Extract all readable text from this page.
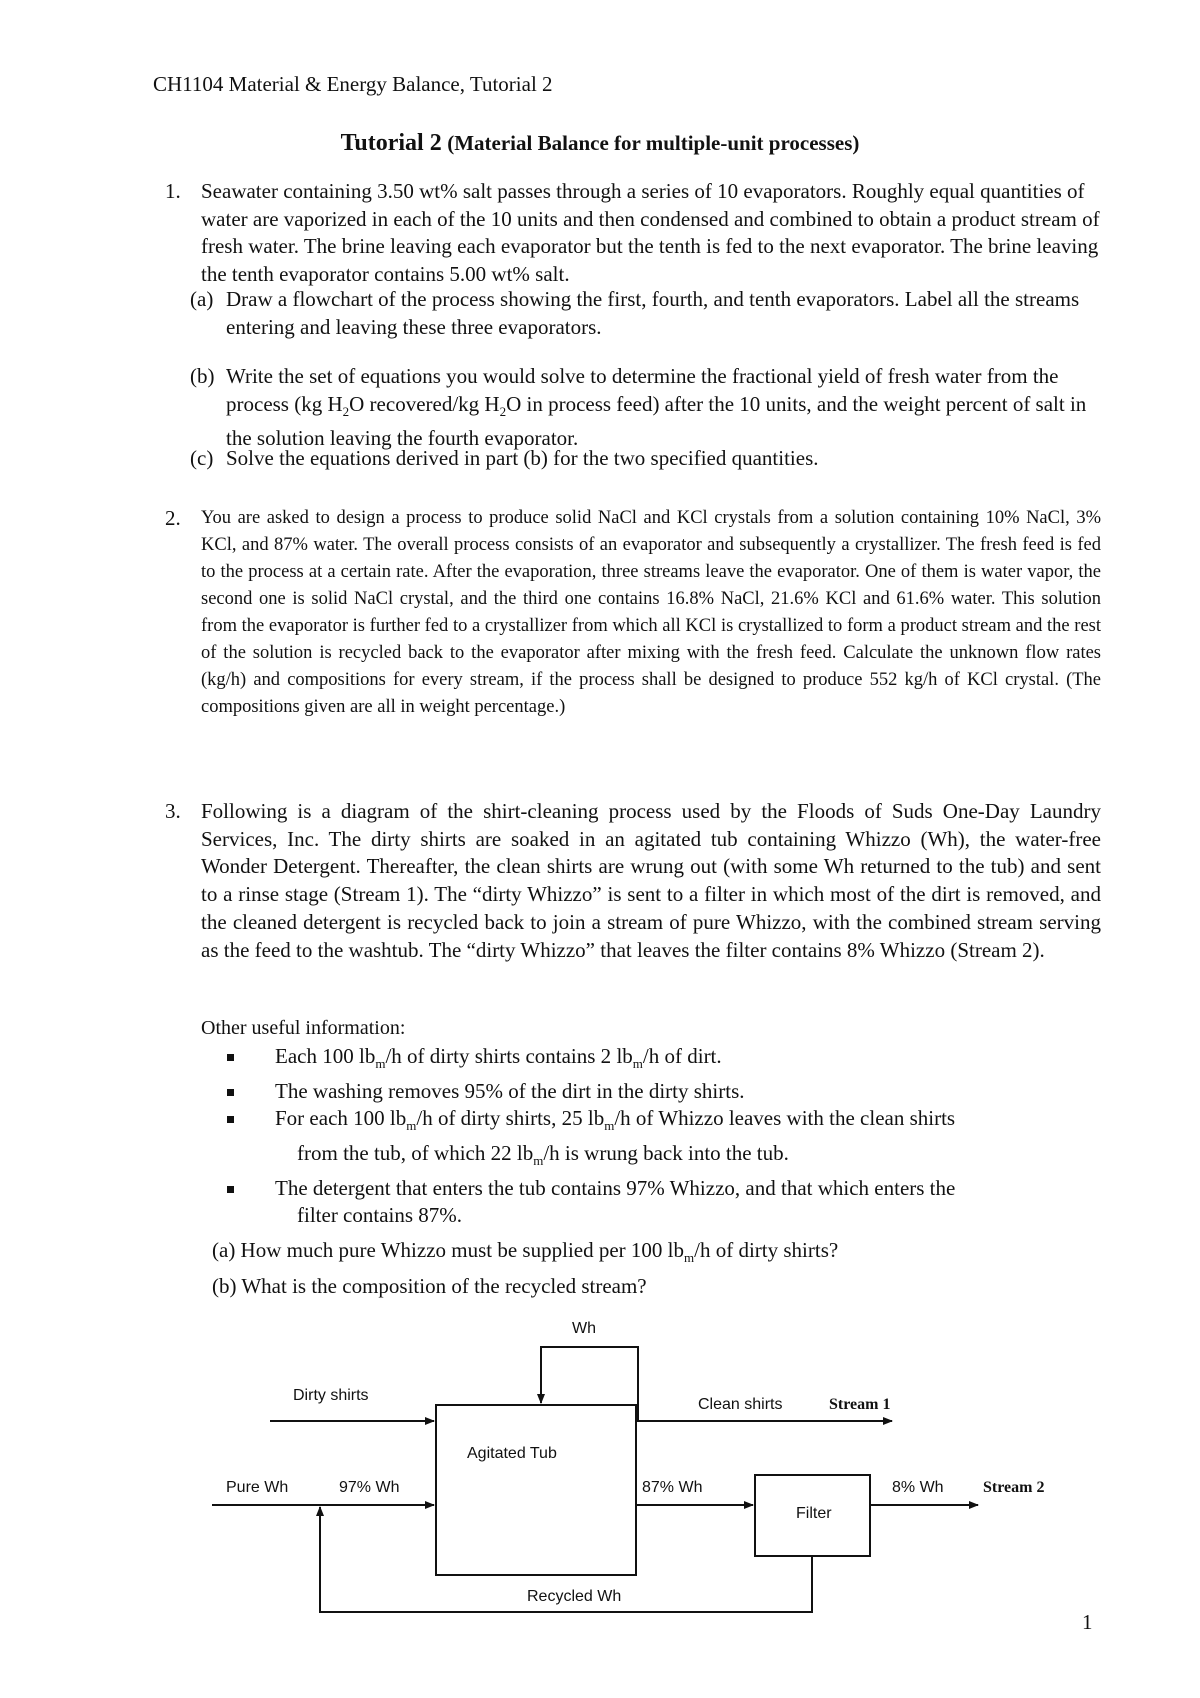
CH1104 Material & Energy Balance, Tutorial 2
Tutorial 2 (Material Balance for multiple-unit processes)
1. Seawater containing 3.50 wt% salt passes through a series of 10 evaporators. Roughly equal quantities of water are vaporized in each of the 10 units and then condensed and combined to obtain a product stream of fresh water. The brine leaving each evaporator but the tenth is fed to the next evaporator. The brine leaving the tenth evaporator contains 5.00 wt% salt.
(a) Draw a flowchart of the process showing the first, fourth, and tenth evaporators. Label all the streams entering and leaving these three evaporators.
(b) Write the set of equations you would solve to determine the fractional yield of fresh water from the process (kg $H_2O$ recovered/kg $H_2O$ in process feed) after the 10 units, and the weight percent of salt in the solution leaving the fourth evaporator.
(c) Solve the equations derived in part (b) for the two specified quantities.
2. You are asked to design a process to produce solid NaCl and KCl crystals from a solution containing 10% NaCl, 3% KCl, and 87% water. The overall process consists of an evaporator and subsequently a crystallizer. The fresh feed is fed to the process at a certain rate. After the evaporation, three streams leave the evaporator. One of them is water vapor, the second one is solid NaCl crystal, and the third one contains 16.8% NaCl, 21.6% KCl and 61.6% water. This solution from the evaporator is further fed to a crystallizer from which all KCl is crystallized to form a product stream and the rest of the solution is recycled back to the evaporator after mixing with the fresh feed. Calculate the unknown flow rates (kg/h) and compositions for every stream, if the process shall be designed to produce 552 kg/h of KCl crystal. (The compositions given are all in weight percentage.)
3. Following is a diagram of the shirt-cleaning process used by the Floods of Suds One-Day Laundry Services, Inc. The dirty shirts are soaked in an agitated tub containing Whizzo (Wh), the water-free Wonder Detergent. Thereafter, the clean shirts are wrung out (with some Wh returned to the tub) and sent to a rinse stage (Stream 1). The “dirty Whizzo” is sent to a filter in which most of the dirt is removed, and the cleaned detergent is recycled back to join a stream of pure Whizzo, with the combined stream serving as the feed to the washtub. The “dirty Whizzo” that leaves the filter contains 8% Whizzo (Stream 2).
Other useful information:
Each 100 $lb_m/h$ of dirty shirts contains 2 $lb_m/h$ of dirt.
The washing removes 95% of the dirt in the dirty shirts.
For each 100 $lb_m/h$ of dirty shirts, 25 $lb_m/h$ of Whizzo leaves with the clean shirts
from the tub, of which 22 $lb_m/h$ is wrung back into the tub.
The detergent that enters the tub contains 97% Whizzo, and that which enters the
filter contains 87%.
(a) How much pure Whizzo must be supplied per 100 $lb_m/h$ of dirty shirts?
(b) What is the composition of the recycled stream?
Wh
Dirty shirts
Clean shirts	Stream 1
Agitated Tub
Pure Wh	97% Wh	87% Wh
Filter
8% Wh Stream 2
Recycled Wh
1
